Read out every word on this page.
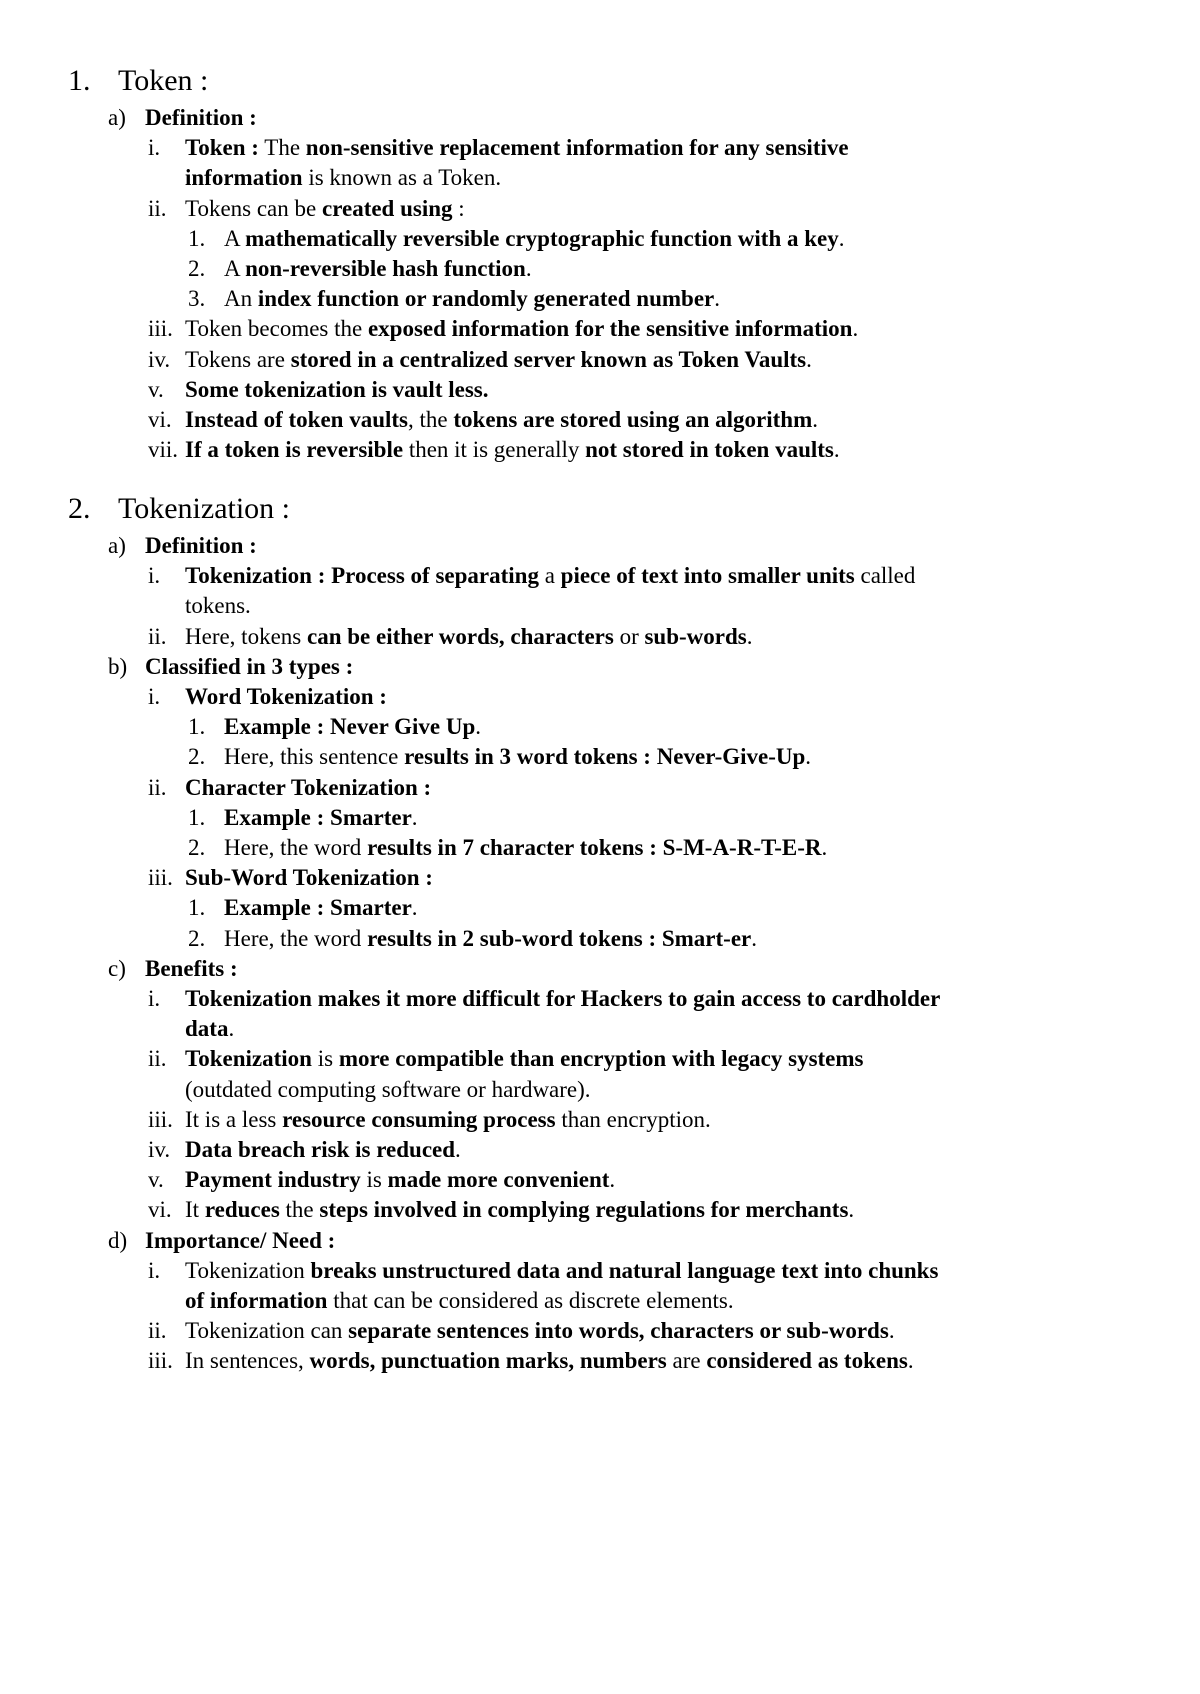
1. Token :
a) Definition :
i. Token : The non-sensitive replacement information for any sensitive
information is known as a Token.
ii. Tokens can be created using :
1. A mathematically reversible cryptographic function with a key.
2. A non-reversible hash function.
3. An index function or randomly generated number.
iii. Token becomes the exposed information for the sensitive information.
iv. Tokens are stored in a centralized server known as Token Vaults.
v. Some tokenization is vault less.
vi. Instead of token vaults, the tokens are stored using an algorithm.
vii. If a token is reversible then it is generally not stored in token vaults.
2. Tokenization :
a) Definition :
i. Tokenization : Process of separating a piece of text into smaller units called
tokens.
ii. Here, tokens can be either words, characters or sub-words.
b) Classified in 3 types :
i. Word Tokenization :
1. Example : Never Give Up.
2. Here, this sentence results in 3 word tokens : Never-Give-Up.
ii. Character Tokenization :
1. Example : Smarter.
2. Here, the word results in 7 character tokens : S-M-A-R-T-E-R.
iii. Sub-Word Tokenization :
1. Example : Smarter.
2. Here, the word results in 2 sub-word tokens : Smart-er.
c) Benefits :
i. Tokenization makes it more difficult for Hackers to gain access to cardholder
data.
ii. Tokenization is more compatible than encryption with legacy systems
(outdated computing software or hardware).
iii. It is a less resource consuming process than encryption.
iv. Data breach risk is reduced.
v. Payment industry is made more convenient.
vi. It reduces the steps involved in complying regulations for merchants.
d) Importance/ Need :
i. Tokenization breaks unstructured data and natural language text into chunks
of information that can be considered as discrete elements.
ii. Tokenization can separate sentences into words, characters or sub-words.
iii. In sentences, words, punctuation marks, numbers are considered as tokens.
